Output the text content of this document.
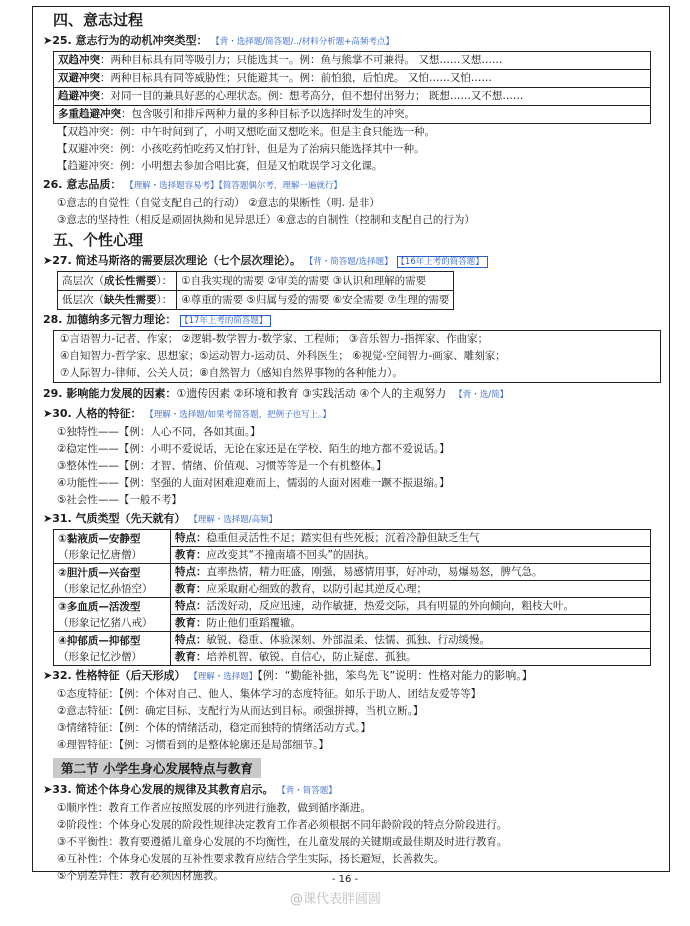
四、意志过程
➤25. 意志行为的动机冲突类型： 【背・选择题/简答题/../材料分析题+高频考点】
双趋冲突：两种目标具有同等吸引力；只能选其一。例：鱼与熊掌不可兼得。 又想……又想……
双避冲突：两种目标具有同等威胁性；只能避其一。例：前怕狼，后怕虎。 又怕……又怕……
趋避冲突：对同一目的兼具好恶的心理状态。例：想考高分，但不想付出努力； 既想……又不想……
多重趋避冲突：包含吸引和排斥两种力量的多种目标予以选择时发生的冲突。
【双趋冲突：例：中午时间到了，小明又想吃面又想吃米。但是主食只能选一种。
【双避冲突：例：小孩吃药怕吃药又怕打针，但是为了治病只能选择其中一种。
【趋避冲突：例：小明想去参加合唱比赛，但是又怕耽误学习文化课。
26. 意志品质： 【理解・选择题容易考】【简答题偶尔考，理解一遍就行】
①意志的自觉性（自觉支配自己的行动） ②意志的果断性（明. 是非）
③意志的坚持性（相反是顽固执拗和见异思迁）④意志的自制性（控制和支配自己的行为）
五、个性心理
➤27. 简述马斯洛的需要层次理论（七个层次理论）。 【背・简答题/选择题】 【16年上考的简答题】
高层次（成长性需要）：	①自我实现的需要 ②审美的需要 ③认识和理解的需要
低层次（缺失性需要）：	④尊重的需要 ⑤归属与爱的需要 ⑥安全需要 ⑦生理的需要
28. 加德纳多元智力理论： 【17年上考的简答题】
①言语智力-记者、作家； ②逻辑-数学智力-数学家、工程师； ③音乐智力-指挥家、作曲家；
④自知智力-哲学家、思想家；⑤运动智力-运动员、外科医生； ⑥视觉-空间智力-画家、雕刻家；
⑦人际智力-律师、公关人员；⑧自然智力（感知自然界事物的各种能力）。
29. 影响能力发展的因素：①遗传因素 ②环境和教育 ③实践活动 ④个人的主观努力 【背・选/简】
➤30. 人格的特征： 【理解・选择题/如果考简答题，把例子也写上。】
①独特性——【例：人心不同，各如其面。】
②稳定性——【例：小明不爱说话，无论在家还是在学校、陌生的地方都不爱说话。】
③整体性——【例：才智、情绪、价值观、习惯等等是一个有机整体。】
④功能性——【例：坚强的人面对困难迎难而上，懦弱的人面对困难一蹶不振退缩。】
⑤社会性——【一般不考】
➤31. 气质类型（先天就有） 【理解・选择题/高频】
①黏液质—安静型
（形象记忆唐僧）	特点：稳重但灵活性不足；踏实但有些死板；沉着冷静但缺乏生气
	教育：应改变其“不撞南墙不回头”的固执。

②胆汁质—兴奋型
（形象记忆孙悟空）	特点：直率热情，精力旺盛，刚强，易感情用事，好冲动，易爆易怒，脾气急。
	教育：应采取耐心细致的教育，以防引起其逆反心理；

③多血质—活泼型
（形象记忆猪八戒）	特点：活泼好动，反应迅速，动作敏捷，热爱交际，具有明显的外向倾向，粗枝大叶。
	教育：防止他们重蹈覆辙。

④抑郁质—抑郁型
（形象记忆沙僧）	特点：敏锐、稳重、体验深刻、外部温柔、怯懦、孤独、行动缓慢。
	教育：培养机智、敏锐、自信心，防止疑虑、孤独。
➤32. 性格特征（后天形成） 【理解・选择题】【例：“勤能补拙，笨鸟先飞”说明：性格对能力的影响。】
①态度特征：【例：个体对自己、他人、集体学习的态度特征。如乐于助人、团结友爱等等】
②意志特征：【例：确定目标、支配行为从而达到目标。顽强拼搏，当机立断。】
③情绪特征：【例：个体的情绪活动，稳定而独特的情绪活动方式。】
④理智特征：【例：习惯看到的是整体轮廓还是局部细节。】
第二节 小学生身心发展特点与教育
➤33. 简述个体身心发展的规律及其教育启示。 【背・简答题】
①顺序性：教育工作者应按照发展的序列进行施教，做到循序渐进。
②阶段性：个体身心发展的阶段性规律决定教育工作者必须根据不同年龄阶段的特点分阶段进行。
③不平衡性：教育要遵循儿童身心发展的不均衡性，在儿童发展的关键期或最佳期及时进行教育。
④互补性：个体身心发展的互补性要求教育应结合学生实际，扬长避短，长善救失。
⑤个别差异性：教育必须因材施教。	- 16 -
@课代表胖圆圆
